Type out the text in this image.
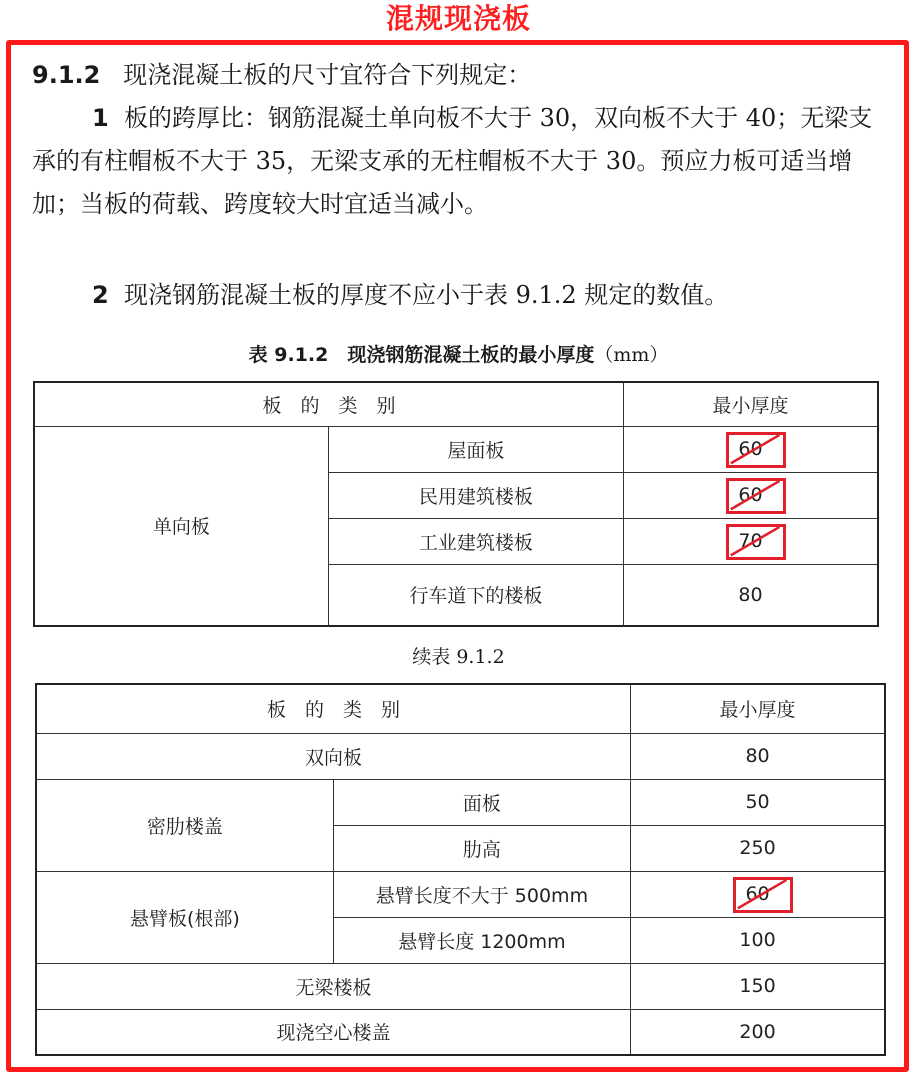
混规现浇板
9.1.2 现浇混凝土板的尺寸宜符合下列规定：
1 板的跨厚比：钢筋混凝土单向板不大于 30，双向板不大于 40；无梁支承的有柱帽板不大于 35，无梁支承的无柱帽板不大于 30。预应力板可适当增加；当板的荷载、跨度较大时宜适当减小。
2 现浇钢筋混凝土板的厚度不应小于表 9.1.2 规定的数值。
表 9.1.2　现浇钢筋混凝土板的最小厚度（mm）
板　的　类　别		最小厚度
单向板	屋面板	60

	民用建筑楼板	60

	工业建筑楼板	70

	行车道下的楼板	80
续表 9.1.2
板　的　类　别		最小厚度
双向板		80
密肋楼盖	面板	50
	肋高	250
悬臂板(根部)	悬臂长度不大于 500mm	60

	悬臂长度 1200mm	100
无梁楼板		150
现浇空心楼盖		200
